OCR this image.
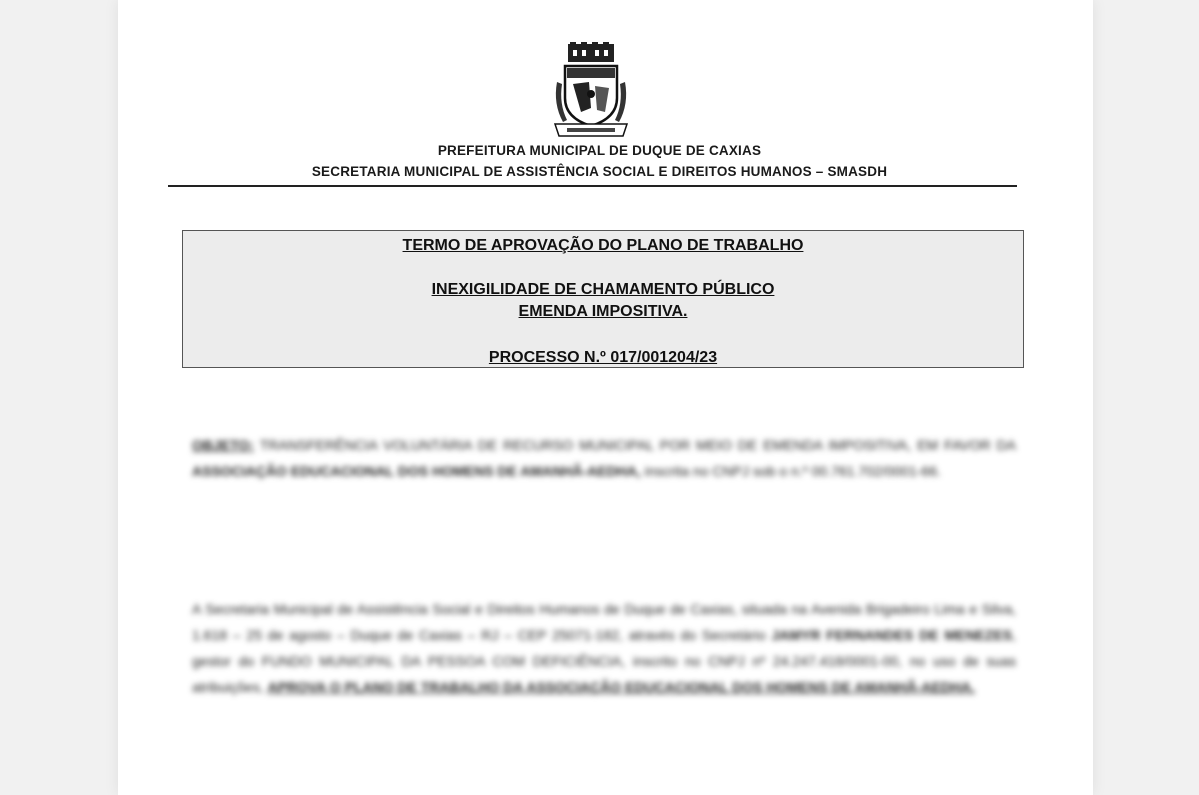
PREFEITURA MUNICIPAL DE DUQUE DE CAXIAS
SECRETARIA MUNICIPAL DE ASSISTÊNCIA SOCIAL E DIREITOS HUMANOS – SMASDH
TERMO DE APROVAÇÃO DO PLANO DE TRABALHO
INEXIGILIDADE DE CHAMAMENTO PÚBLICO
EMENDA IMPOSITIVA.
PROCESSO N.º 017/001204/23
OBJETO: TRANSFERÊNCIA VOLUNTÁRIA DE RECURSO MUNICIPAL POR MEIO DE EMENDA IMPOSITIVA, EM FAVOR DA ASSOCIAÇÃO EDUCACIONAL DOS HOMENS DE AMANHÃ-AEDHA, inscrita no CNPJ sob o n.º 00.761.702/0001-66.
A Secretaria Municipal de Assistência Social e Direitos Humanos de Duque de Caxias, situada na Avenida Brigadeiro Lima e Silva, 1.618 – 25 de agosto – Duque de Caxias – RJ – CEP 25071-182, através do Secretário JAMYR FERNANDES DE MENEZES, gestor do FUNDO MUNICIPAL DA PESSOA COM DEFICIÊNCIA, inscrito no CNPJ nº 24.247.418/0001-00, no uso de suas atribuições, APROVA O PLANO DE TRABALHO DA ASSOCIAÇÃO EDUCACIONAL DOS HOMENS DE AMANHÃ-AEDHA.
